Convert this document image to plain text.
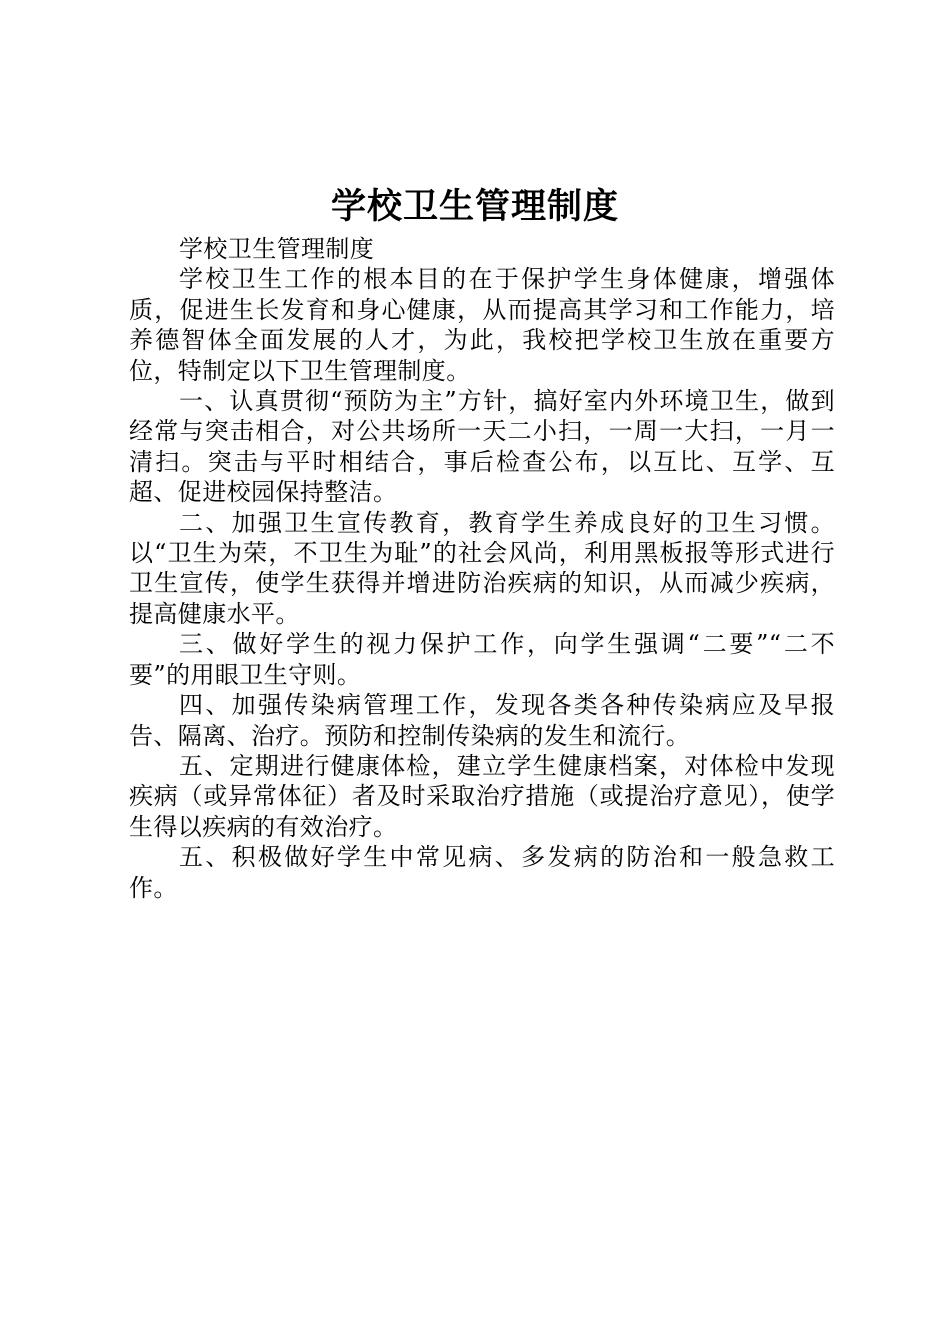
学校卫生管理制度

学校卫生管理制度

学校卫生工作的根本目的在于保护学生身体健康，增强体质，促进生长发育和身心健康，从而提高其学习和工作能力，培养德智体全面发展的人才，为此，我校把学校卫生放在重要方位，特制定以下卫生管理制度。

一、认真贯彻“预防为主”方针，搞好室内外环境卫生，做到经常与突击相合，对公共场所一天二小扫，一周一大扫，一月一清扫。突击与平时相结合，事后检查公布，以互比、互学、互超、促进校园保持整洁。

二、加强卫生宣传教育，教育学生养成良好的卫生习惯。以“卫生为荣，不卫生为耻”的社会风尚，利用黑板报等形式进行卫生宣传，使学生获得并增进防治疾病的知识，从而减少疾病，提高健康水平。

三、做好学生的视力保护工作，向学生强调“二要”“二不要”的用眼卫生守则。

四、加强传染病管理工作，发现各类各种传染病应及早报告、隔离、治疗。预防和控制传染病的发生和流行。

五、定期进行健康体检，建立学生健康档案，对体检中发现疾病（或异常体征）者及时采取治疗措施（或提治疗意见），使学生得以疾病的有效治疗。

五、积极做好学生中常见病、多发病的防治和一般急救工作。
